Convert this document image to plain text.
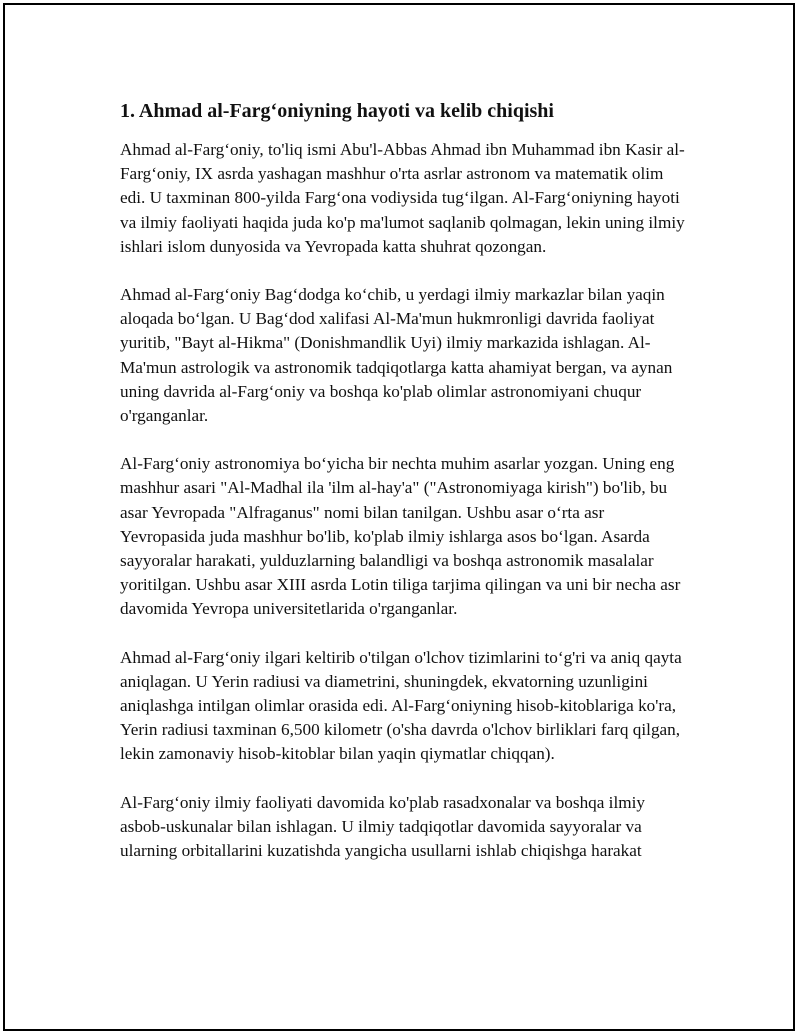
1. Ahmad al-Farg‘oniyning hayoti va kelib chiqishi

Ahmad al-Farg‘oniy, to'liq ismi Abu'l-Abbas Ahmad ibn Muhammad ibn Kasir al-Farg‘oniy, IX asrda yashagan mashhur o'rta asrlar astronom va matematik olim edi. U taxminan 800-yilda Farg‘ona vodiysida tug‘ilgan. Al-Farg‘oniyning hayoti va ilmiy faoliyati haqida juda ko'p ma'lumot saqlanib qolmagan, lekin uning ilmiy ishlari islom dunyosida va Yevropada katta shuhrat qozongan.

Ahmad al-Farg‘oniy Bag‘dodga ko‘chib, u yerdagi ilmiy markazlar bilan yaqin aloqada bo‘lgan. U Bag‘dod xalifasi Al-Ma'mun hukmronligi davrida faoliyat yuritib, "Bayt al-Hikma" (Donishmandlik Uyi) ilmiy markazida ishlagan. Al-Ma'mun astrologik va astronomik tadqiqotlarga katta ahamiyat bergan, va aynan uning davrida al-Farg‘oniy va boshqa ko'plab olimlar astronomiyani chuqur o'rganganlar.

Al-Farg‘oniy astronomiya bo‘yicha bir nechta muhim asarlar yozgan. Uning eng mashhur asari "Al-Madhal ila 'ilm al-hay'a" ("Astronomiyaga kirish") bo'lib, bu asar Yevropada "Alfraganus" nomi bilan tanilgan. Ushbu asar o‘rta asr Yevropasida juda mashhur bo'lib, ko'plab ilmiy ishlarga asos bo‘lgan. Asarda sayyoralar harakati, yulduzlarning balandligi va boshqa astronomik masalalar yoritilgan. Ushbu asar XIII asrda Lotin tiliga tarjima qilingan va uni bir necha asr davomida Yevropa universitetlarida o'rganganlar.

Ahmad al-Farg‘oniy ilgari keltirib o'tilgan o'lchov tizimlarini to‘g'ri va aniq qayta aniqlagan. U Yerin radiusi va diametrini, shuningdek, ekvatorning uzunligini aniqlashga intilgan olimlar orasida edi. Al-Farg‘oniyning hisob-kitoblariga ko'ra, Yerin radiusi taxminan 6,500 kilometr (o'sha davrda o'lchov birliklari farq qilgan, lekin zamonaviy hisob-kitoblar bilan yaqin qiymatlar chiqqan).

Al-Farg‘oniy ilmiy faoliyati davomida ko'plab rasadxonalar va boshqa ilmiy asbob-uskunalar bilan ishlagan. U ilmiy tadqiqotlar davomida sayyoralar va ularning orbitallarini kuzatishda yangicha usullarni ishlab chiqishga harakat
